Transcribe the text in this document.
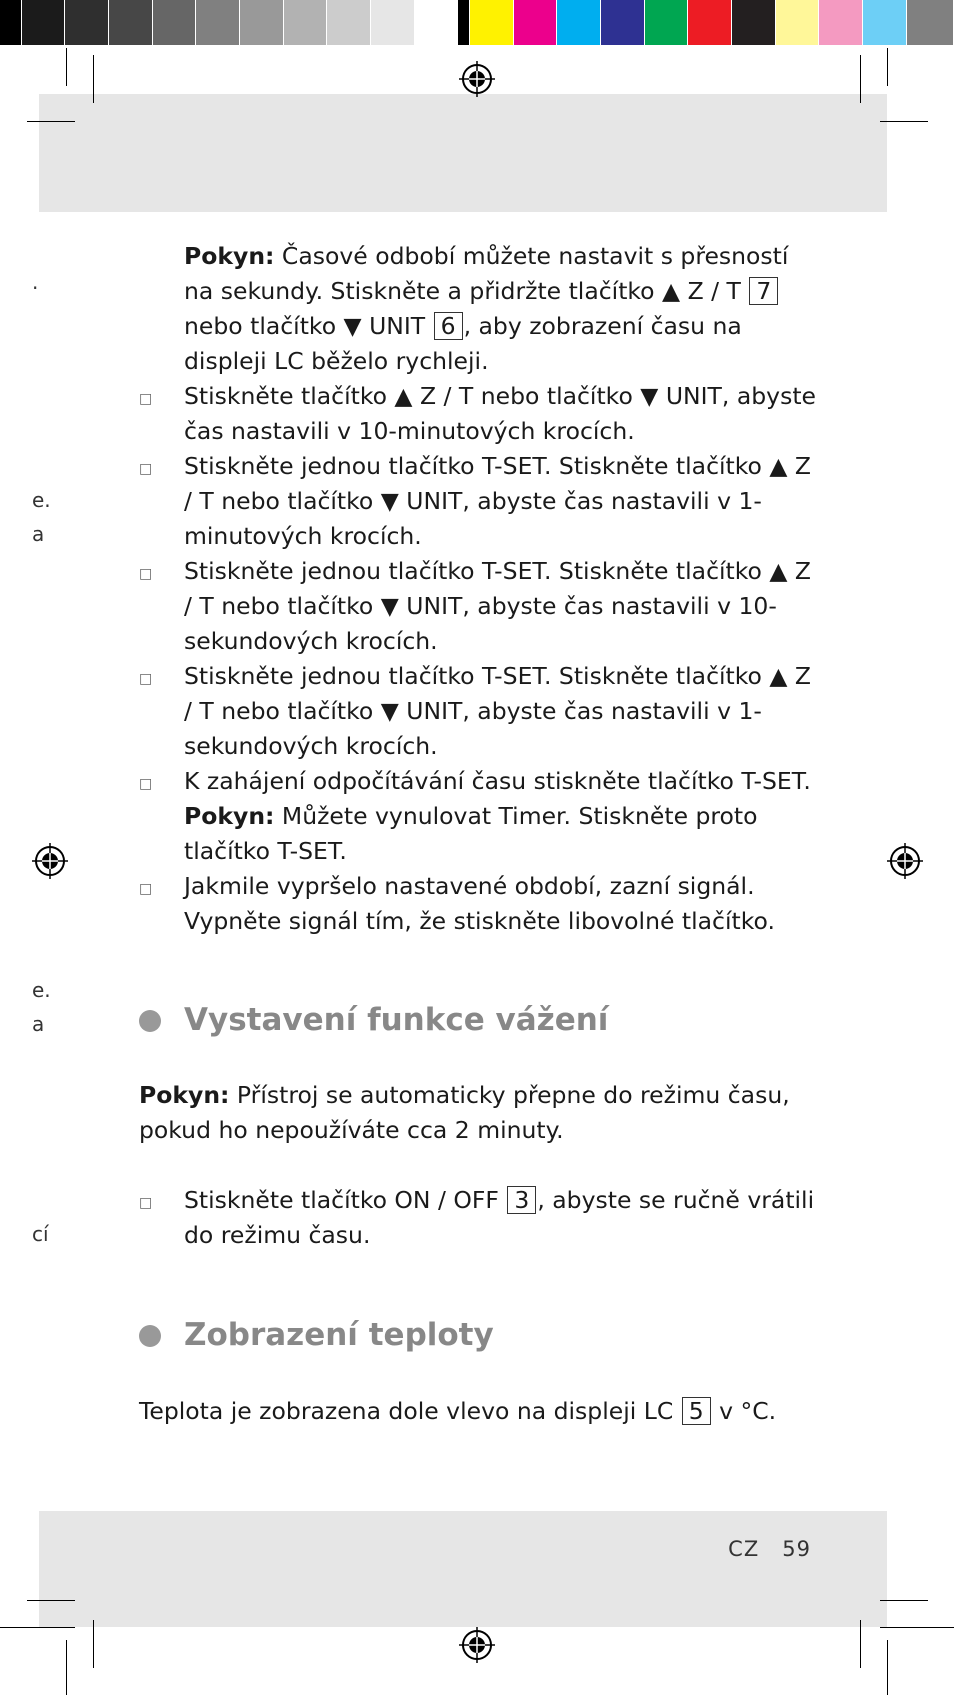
·
e.
a
e.
a
cí
Pokyn: Časové odbobí můžete nastavit s přesností na sekundy. Stiskněte a přidržte tlačítko ▲ Z / T 7 nebo tlačítko ▼ UNIT 6 , aby zobrazení času na displeji LC běželo rychleji.
□	Stiskněte tlačítko ▲ Z / T nebo tlačítko ▼ UNIT, abyste čas nastavili v 10-minutových krocích.
□	Stiskněte jednou tlačítko T-SET. Stiskněte tlačítko ▲ Z / T nebo tlačítko ▼ UNIT, abyste čas nastavili v 1-minutových krocích.
□	Stiskněte jednou tlačítko T-SET. Stiskněte tlačítko ▲ Z / T nebo tlačítko ▼ UNIT, abyste čas nastavili v 10-sekundových krocích.
□	Stiskněte jednou tlačítko T-SET. Stiskněte tlačítko ▲ Z / T nebo tlačítko ▼ UNIT, abyste čas nastavili v 1-sekundových krocích.
□	K zahájení odpočítávání času stiskněte tlačítko T-SET.
Pokyn: Můžete vynulovat Timer. Stiskněte proto tlačítko T-SET.
□	Jakmile vypršelo nastavené období, zazní signál. Vypněte signál tím, že stiskněte libovolné tlačítko.
Vystavení funkce vážení
Pokyn: Přístroj se automaticky přepne do režimu času, pokud ho nepoužíváte cca 2 minuty.
□	Stiskněte tlačítko ON / OFF 3 , abyste se ručně vrátili do režimu času.
Zobrazení teploty
Teplota je zobrazena dole vlevo na displeji LC 5 v °C.
CZ 59
